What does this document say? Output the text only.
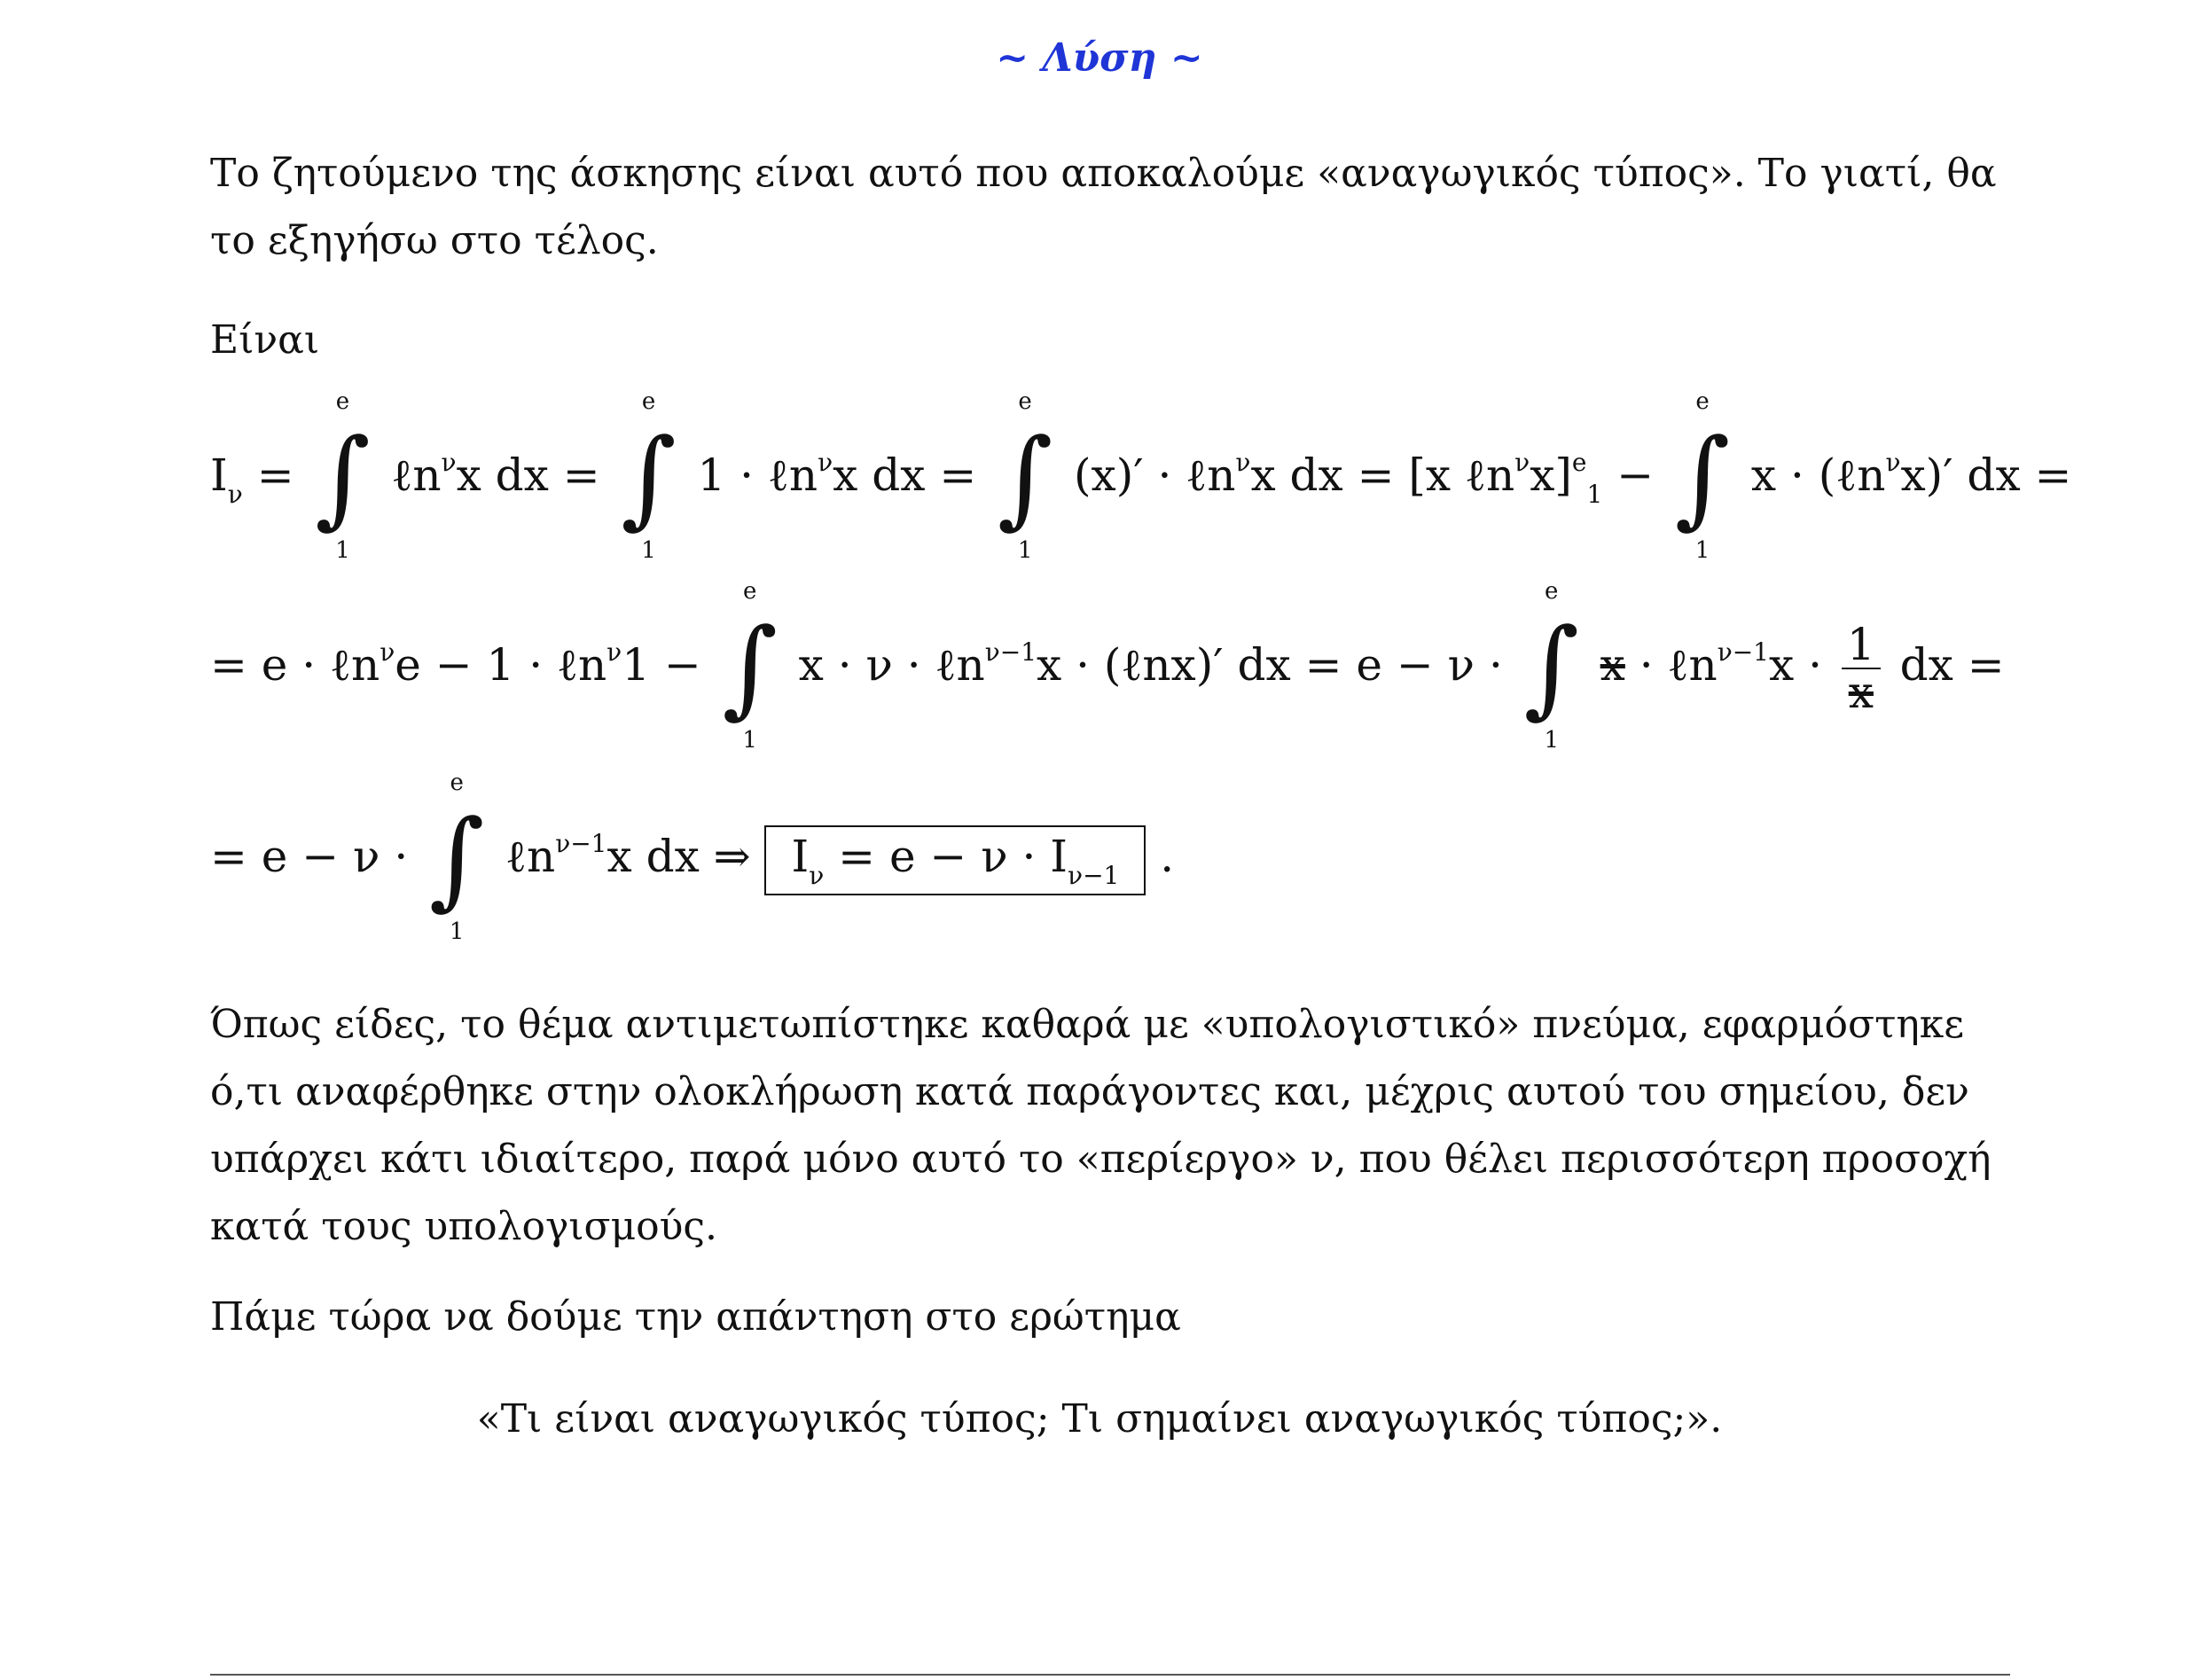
~ Λύση ~
Το ζητούμενο της άσκησης είναι αυτό που αποκαλούμε «αναγωγικός τύπος». Το γιατί, θα το εξηγήσω στο τέλος.
Είναι
$I_\nu$ =
e
∫
1
ℓn$^\nu$x dx =
e
∫
1
1 · ℓn$^\nu$x dx =
e
∫
1
(x)′ · ℓn$^\nu$x dx = [x ℓn$^\nu$x]$^e_1$ −
e
∫
1
x · (ℓn$^\nu$x)′ dx =
= e · ℓn$^\nu$e − 1 · ℓn$^\nu$1 −
e
∫
1
x · ν · ℓn$^{\nu-1}$x · (ℓnx)′ dx = e − ν ·
e
∫
1
x · ℓn$^{\nu-1}$x · $\frac{1}{x}$ dx =
= e − ν ·
e
∫
1
ℓn$^{\nu-1}$x dx ⇒ $I_\nu = e - \nu \cdot I_{\nu-1}$ .
Όπως είδες, το θέμα αντιμετωπίστηκε καθαρά με «υπολογιστικό» πνεύμα, εφαρμόστηκε ό,τι αναφέρθηκε στην ολοκλήρωση κατά παράγοντες και, μέχρις αυτού του σημείου, δεν υπάρχει κάτι ιδιαίτερο, παρά μόνο αυτό το «περίεργο» ν, που θέλει περισσότερη προσοχή κατά τους υπολογισμούς.
Πάμε τώρα να δούμε την απάντηση στο ερώτημα
«Τι είναι αναγωγικός τύπος; Τι σημαίνει αναγωγικός τύπος;».
